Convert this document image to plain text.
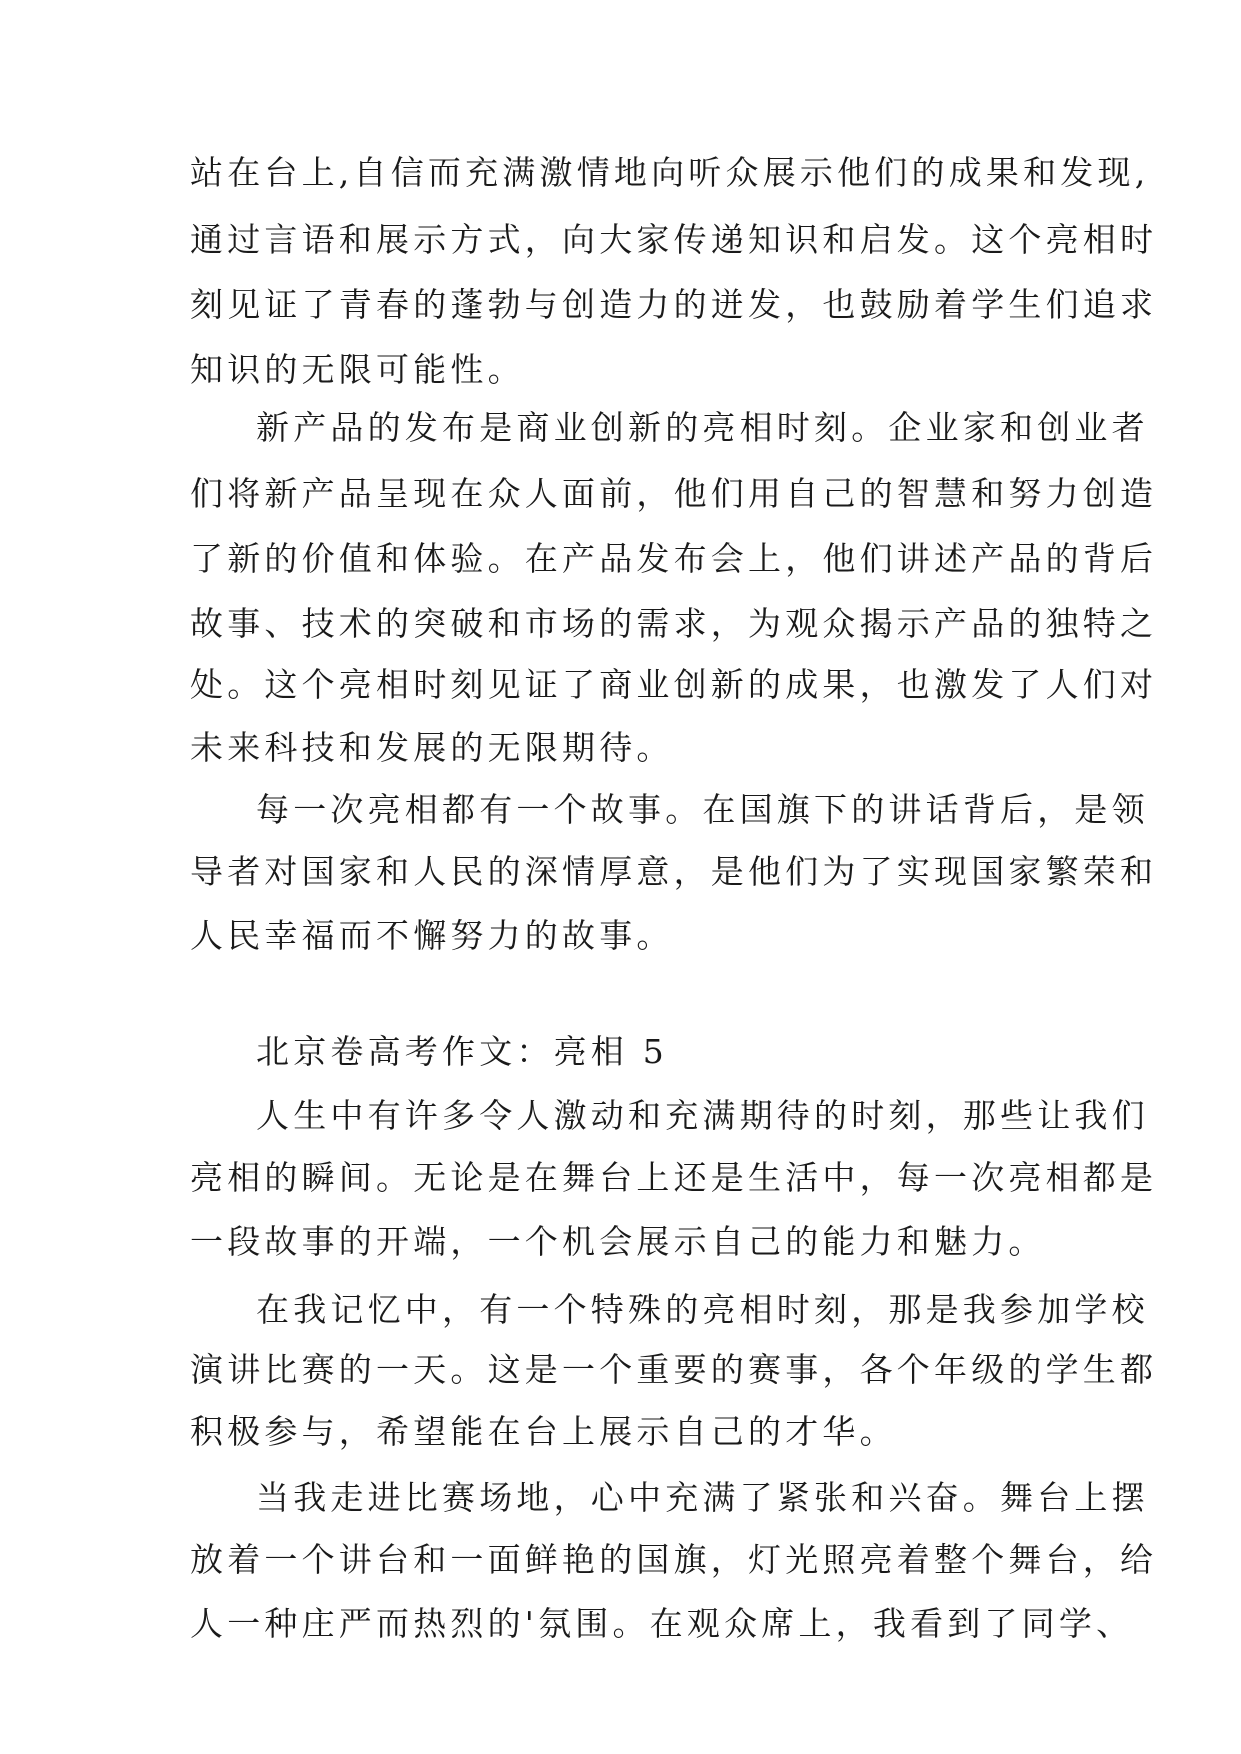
站在台上,自信而充满激情地向听众展示他们的成果和发现,
通过言语和展示方式，向大家传递知识和启发。这个亮相时
刻见证了青春的蓬勃与创造力的迸发，也鼓励着学生们追求
知识的无限可能性。
新产品的发布是商业创新的亮相时刻。企业家和创业者
们将新产品呈现在众人面前，他们用自己的智慧和努力创造
了新的价值和体验。在产品发布会上，他们讲述产品的背后
故事、技术的突破和市场的需求，为观众揭示产品的独特之
处。这个亮相时刻见证了商业创新的成果，也激发了人们对
未来科技和发展的无限期待。
每一次亮相都有一个故事。在国旗下的讲话背后，是领
导者对国家和人民的深情厚意，是他们为了实现国家繁荣和
人民幸福而不懈努力的故事。
北京卷高考作文：亮相 5
人生中有许多令人激动和充满期待的时刻，那些让我们
亮相的瞬间。无论是在舞台上还是生活中，每一次亮相都是
一段故事的开端，一个机会展示自己的能力和魅力。
在我记忆中，有一个特殊的亮相时刻，那是我参加学校
演讲比赛的一天。这是一个重要的赛事，各个年级的学生都
积极参与，希望能在台上展示自己的才华。
当我走进比赛场地，心中充满了紧张和兴奋。舞台上摆
放着一个讲台和一面鲜艳的国旗，灯光照亮着整个舞台，给
人一种庄严而热烈的'氛围。在观众席上，我看到了同学、
